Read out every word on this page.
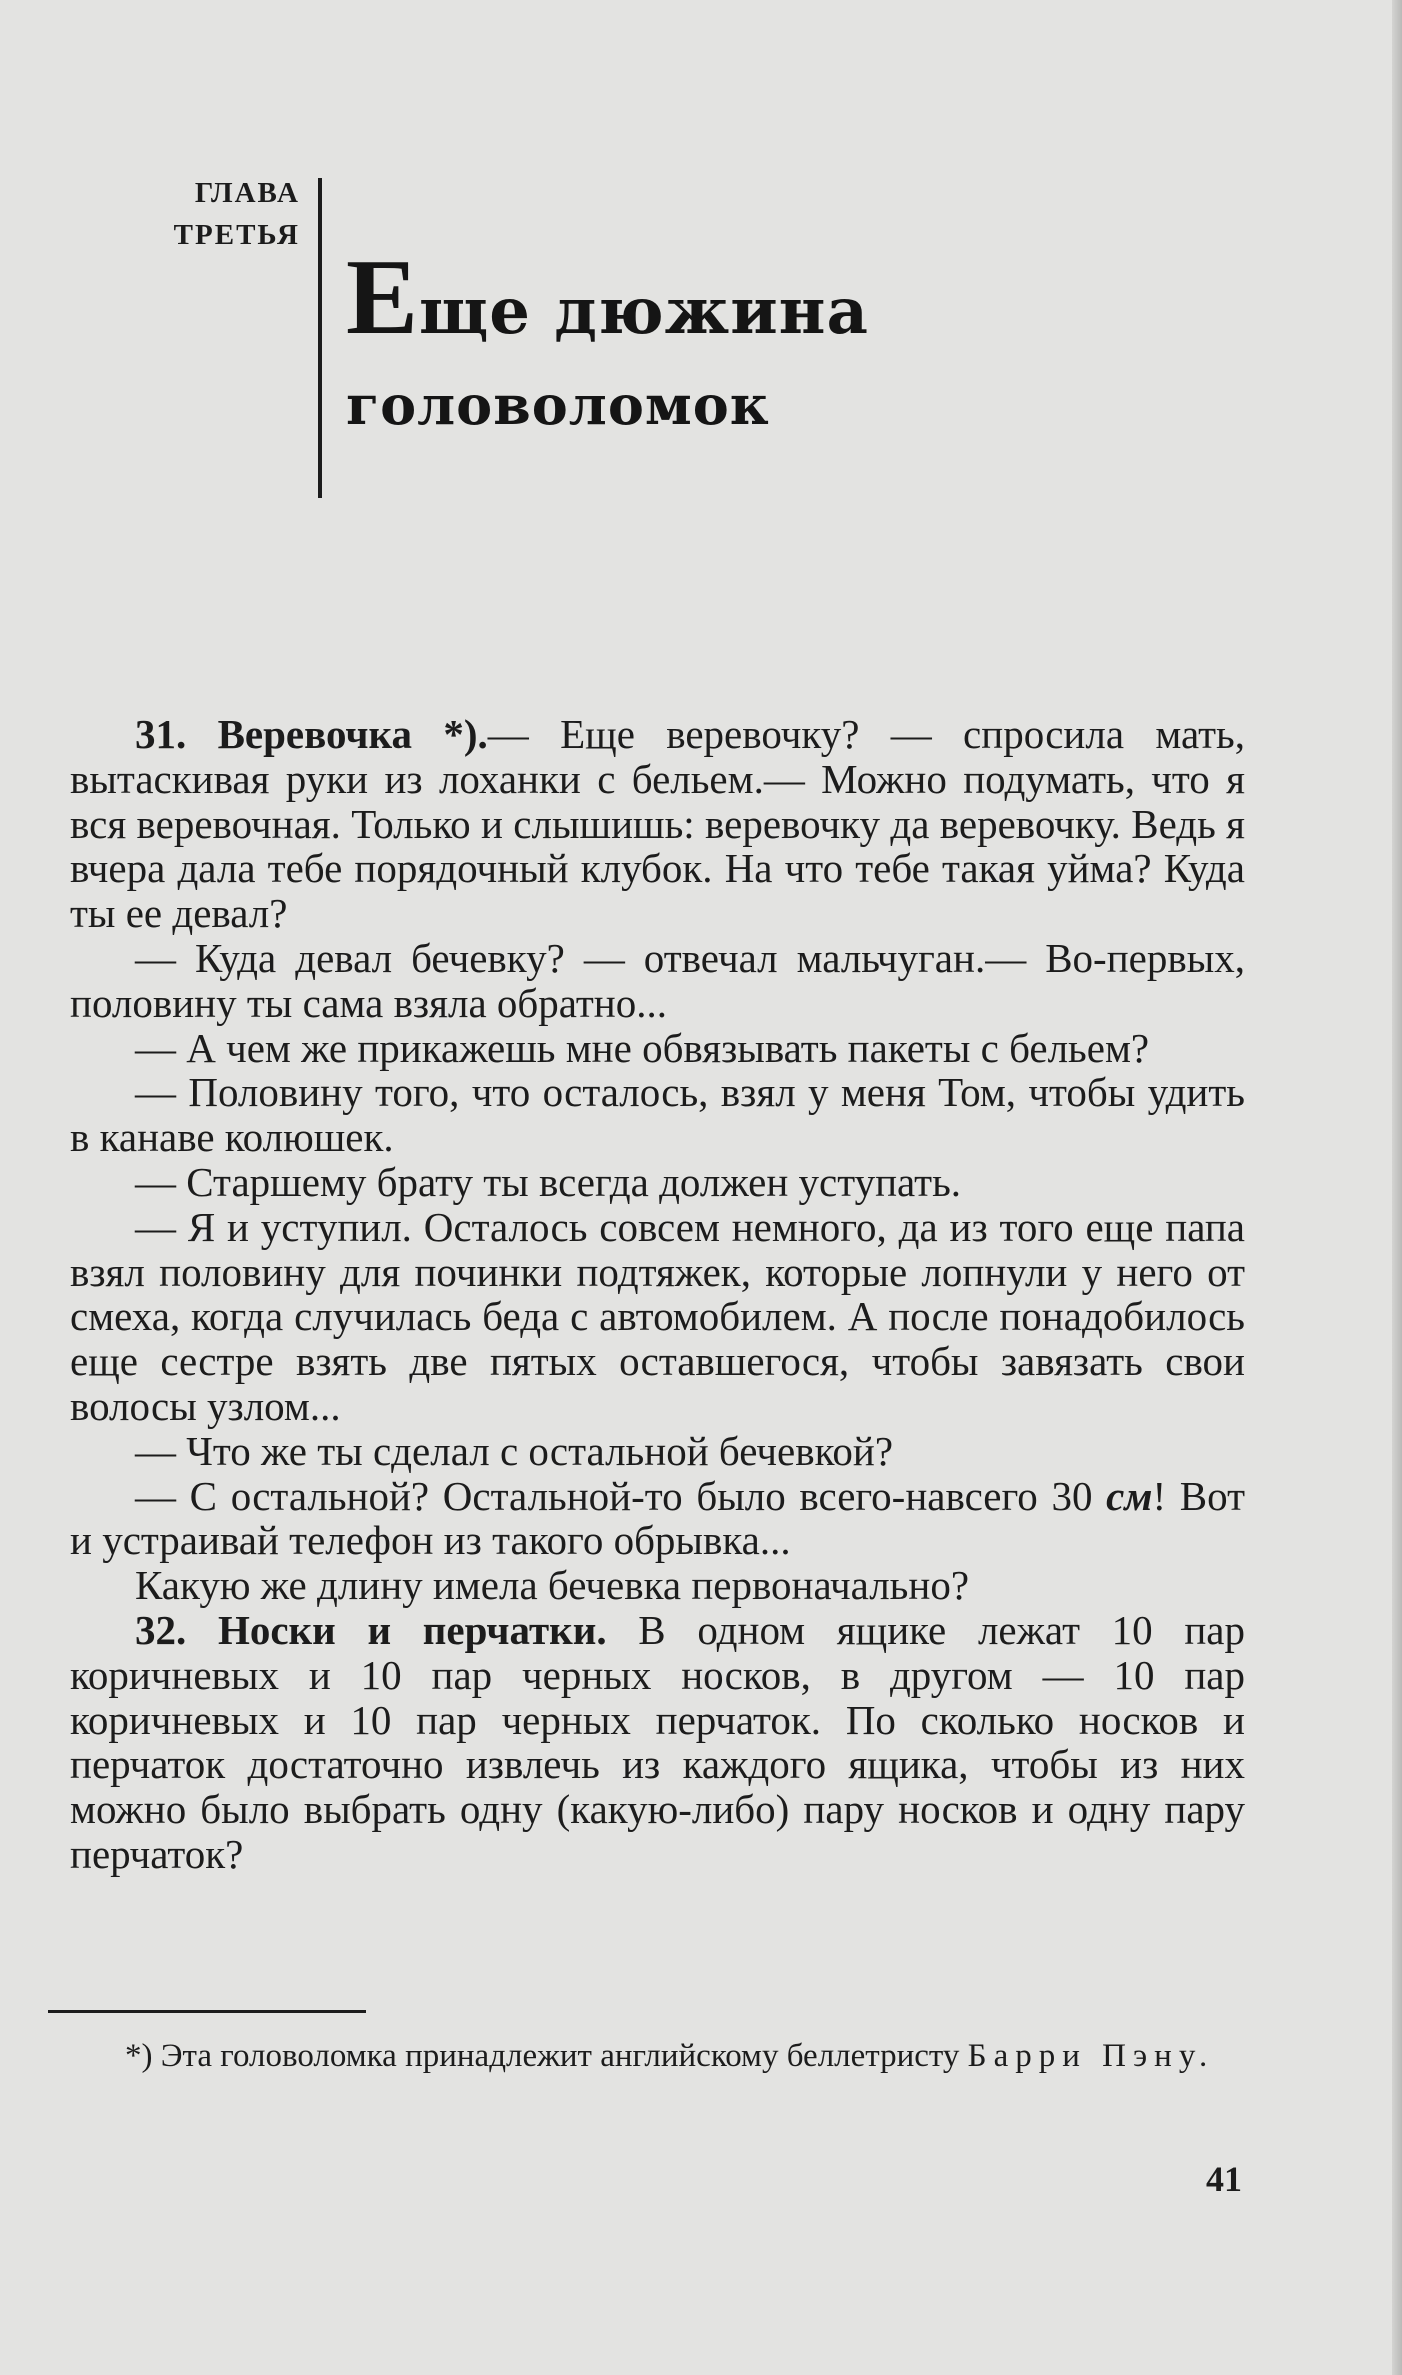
ГЛАВА
ТРЕТЬЯ
Еще дюжина
головоломок

31. Веревочка *).— Еще веревочку? — спросила мать, вытаскивая руки из лоханки с бельем.— Можно подумать, что я вся веревочная. Только и слышишь: веревочку да веревочку. Ведь я вчера дала тебе порядочный клубок. На что тебе такая уйма? Куда ты ее девал?

— Куда девал бечевку? — отвечал мальчуган.— Во-первых, половину ты сама взяла обратно...

— А чем же прикажешь мне обвязывать пакеты с бельем?

— Половину того, что осталось, взял у меня Том, чтобы удить в канаве колюшек.

— Старшему брату ты всегда должен уступать.

— Я и уступил. Осталось совсем немного, да из того еще папа взял половину для починки подтяжек, которые лопнули у него от смеха, когда случилась беда с автомобилем. А после понадобилось еще сестре взять две пятых оставшегося, чтобы завязать свои волосы узлом...

— Что же ты сделал с остальной бечевкой?

— С остальной? Остальной-то было всего-навсего 30 см! Вот и устраивай телефон из такого обрывка...

Какую же длину имела бечевка первоначально?

32. Носки и перчатки. В одном ящике лежат 10 пар коричневых и 10 пар черных носков, в другом — 10 пар коричневых и 10 пар черных перчаток. По сколько носков и перчаток достаточно извлечь из каждого ящика, чтобы из них можно было выбрать одну (какую-либо) пару носков и одну пару перчаток?

*) Эта головоломка принадлежит английскому беллетристу Барри Пэну.

41
